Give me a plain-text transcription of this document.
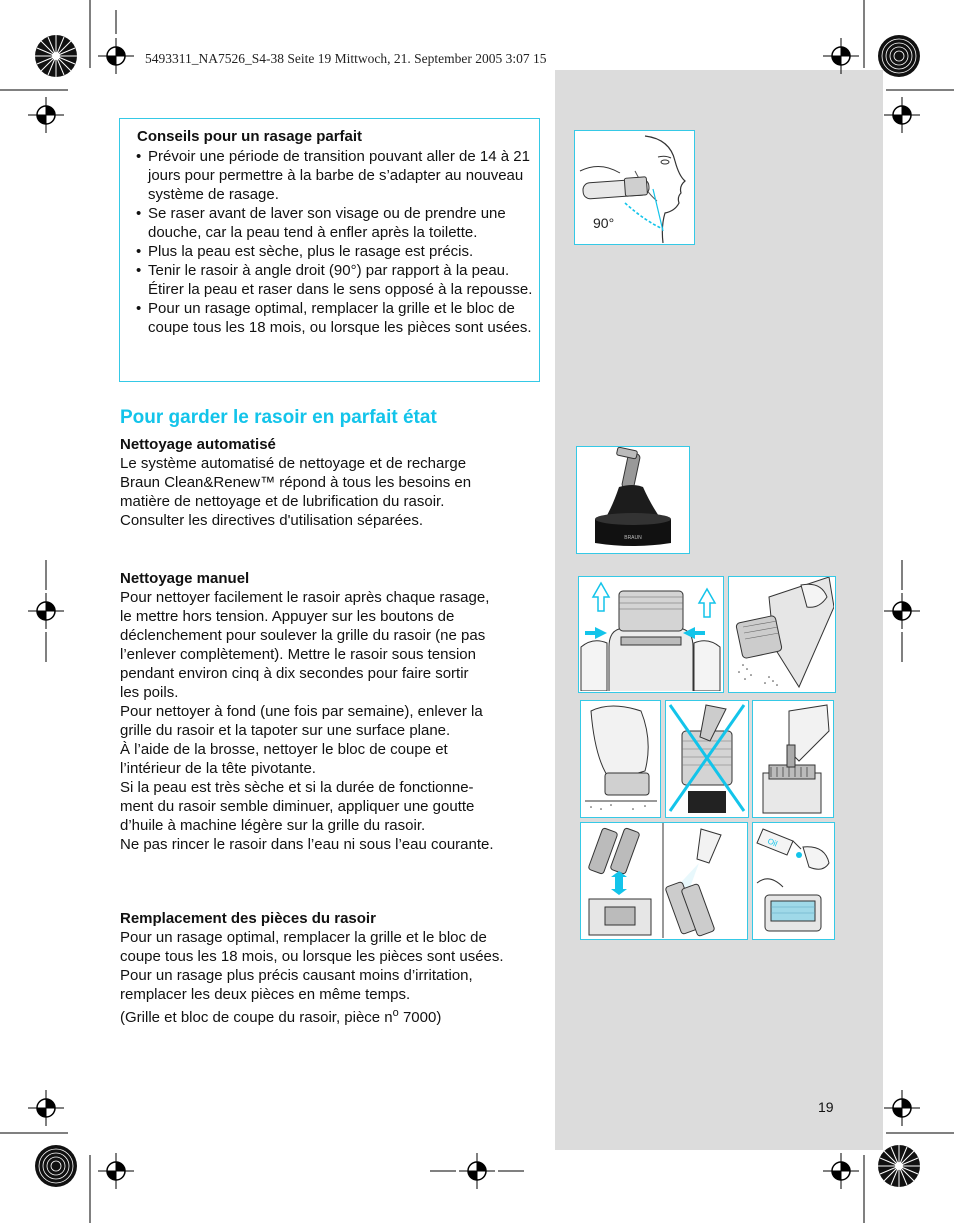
5493311_NA7526_S4-38 Seite 19 Mittwoch, 21. September 2005 3:07 15
Conseils pour un rasage parfait
• Prévoir une période de transition pouvant aller de 14 à 21 jours pour permettre à la barbe de s’adapter au nouveau système de rasage.
• Se raser avant de laver son visage ou de prendre une douche, car la peau tend à enfler après la toilette.
• Plus la peau est sèche, plus le rasage est précis.
• Tenir le rasoir à angle droit (90°) par rapport à la peau. Étirer la peau et raser dans le sens opposé à la repousse.
• Pour un rasage optimal, remplacer la grille et le bloc de coupe tous les 18 mois, ou lorsque les pièces sont usées.
Pour garder le rasoir en parfait état
Nettoyage automatisé

Le système automatisé de nettoyage et de recharge

Braun Clean&Renew™ répond à tous les besoins en

matière de nettoyage et de lubrification du rasoir.

Consulter les directives d'utilisation séparées.

Nettoyage manuel

Pour nettoyer facilement le rasoir après chaque rasage,

le mettre hors tension. Appuyer sur les boutons de

déclenchement pour soulever la grille du rasoir (ne pas

l’enlever complètement). Mettre le rasoir sous tension

pendant environ cinq à dix secondes pour faire sortir

les poils.

Pour nettoyer à fond (une fois par semaine), enlever la

grille du rasoir et la tapoter sur une surface plane.

À l’aide de la brosse, nettoyer le bloc de coupe et

l’intérieur de la tête pivotante.

Si la peau est très sèche et si la durée de fonctionne-

ment du rasoir semble diminuer, appliquer une goutte

d’huile à machine légère sur la grille du rasoir.

Ne pas rincer le rasoir dans l’eau ni sous l’eau courante.

Remplacement des pièces du rasoir

Pour un rasage optimal, remplacer la grille et le bloc de

coupe tous les 18 mois, ou lorsque les pièces sont usées.

Pour un rasage plus précis causant moins d’irritation,

remplacer les deux pièces en même temps.

(Grille et bloc de coupe du rasoir, pièce $n^o$ 7000)

19
90°
BRAUN
Oil
